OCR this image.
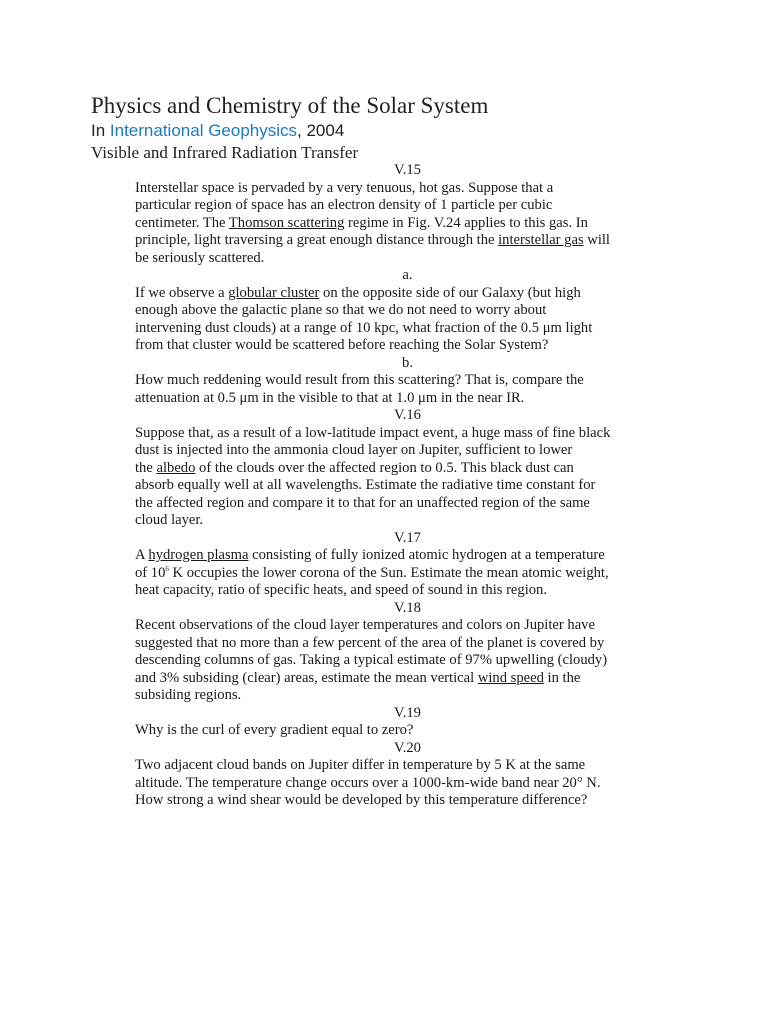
Physics and Chemistry of the Solar System
In International Geophysics, 2004
Visible and Infrared Radiation Transfer
V.15
Interstellar space is pervaded by a very tenuous, hot gas. Suppose that a
particular region of space has an electron density of 1 particle per cubic
centimeter. The Thomson scattering regime in Fig. V.24 applies to this gas. In
principle, light traversing a great enough distance through the interstellar gas will
be seriously scattered.
a.
If we observe a globular cluster on the opposite side of our Galaxy (but high
enough above the galactic plane so that we do not need to worry about
intervening dust clouds) at a range of 10 kpc, what fraction of the 0.5 μm light
from that cluster would be scattered before reaching the Solar System?
b.
How much reddening would result from this scattering? That is, compare the
attenuation at 0.5 μm in the visible to that at 1.0 μm in the near IR.
V.16
Suppose that, as a result of a low-latitude impact event, a huge mass of fine black
dust is injected into the ammonia cloud layer on Jupiter, sufficient to lower
the albedo of the clouds over the affected region to 0.5. This black dust can
absorb equally well at all wavelengths. Estimate the radiative time constant for
the affected region and compare it to that for an unaffected region of the same
cloud layer.
V.17
A hydrogen plasma consisting of fully ionized atomic hydrogen at a temperature
of $10^6$ K occupies the lower corona of the Sun. Estimate the mean atomic weight,
heat capacity, ratio of specific heats, and speed of sound in this region.
V.18
Recent observations of the cloud layer temperatures and colors on Jupiter have
suggested that no more than a few percent of the area of the planet is covered by
descending columns of gas. Taking a typical estimate of 97% upwelling (cloudy)
and 3% subsiding (clear) areas, estimate the mean vertical wind speed in the
subsiding regions.
V.19
Why is the curl of every gradient equal to zero?
V.20
Two adjacent cloud bands on Jupiter differ in temperature by 5 K at the same
altitude. The temperature change occurs over a 1000-km-wide band near 20° N.
How strong a wind shear would be developed by this temperature difference?
